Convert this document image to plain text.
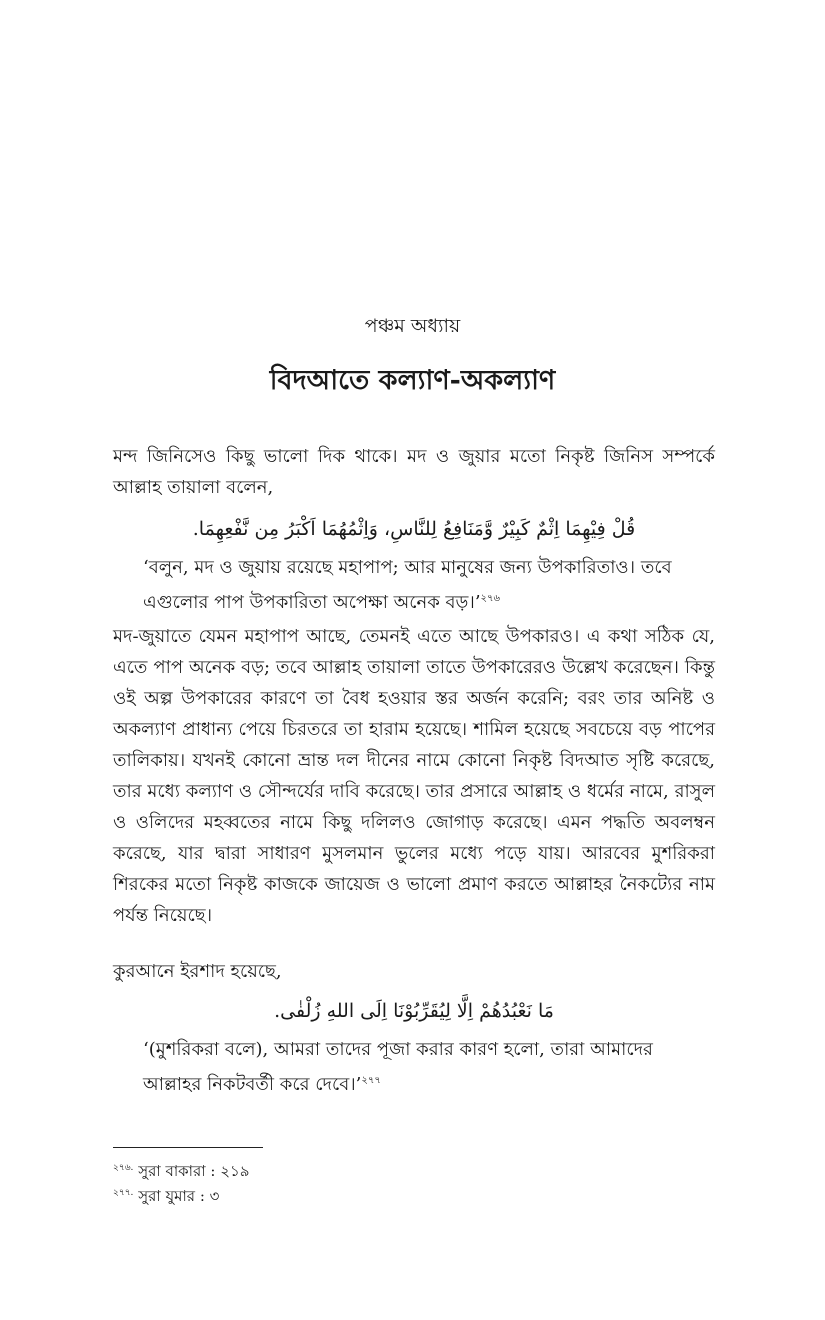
পঞ্চম অধ্যায়
বিদআতে কল্যাণ-অকল্যাণ

মন্দ জিনিসেও কিছু ভালো দিক থাকে। মদ ও জুয়ার মতো নিকৃষ্ট জিনিস সম্পর্কে আল্লাহ তায়ালা বলেন,

قُلْ فِيْهِمَا اِثْمٌ كَبِيْرٌ وَّمَنَافِعُ لِلنَّاسِ، وَاِثْمُهُمَا اَكْبَرُ مِن نَّفْعِهِمَا.

‘বলুন, মদ ও জুয়ায় রয়েছে মহাপাপ; আর মানুষের জন্য উপকারিতাও। তবে এগুলোর পাপ উপকারিতা অপেক্ষা অনেক বড়।’$^{২৭৬}$

মদ-জুয়াতে যেমন মহাপাপ আছে, তেমনই এতে আছে উপকারও। এ কথা সঠিক যে, এতে পাপ অনেক বড়; তবে আল্লাহ তায়ালা তাতে উপকারেরও উল্লেখ করেছেন। কিন্তু ওই অল্প উপকারের কারণে তা বৈধ হওয়ার স্তর অর্জন করেনি; বরং তার অনিষ্ট ও অকল্যাণ প্রাধান্য পেয়ে চিরতরে তা হারাম হয়েছে। শামিল হয়েছে সবচেয়ে বড় পাপের তালিকায়। যখনই কোনো ভ্রান্ত দল দীনের নামে কোনো নিকৃষ্ট বিদআত সৃষ্টি করেছে, তার মধ্যে কল্যাণ ও সৌন্দর্যের দাবি করেছে। তার প্রসারে আল্লাহ ও ধর্মের নামে, রাসুল ও ওলিদের মহব্বতের নামে কিছু দলিলও জোগাড় করেছে। এমন পদ্ধতি অবলম্বন করেছে, যার দ্বারা সাধারণ মুসলমান ভুলের মধ্যে পড়ে যায়। আরবের মুশরিকরা শিরকের মতো নিকৃষ্ট কাজকে জায়েজ ও ভালো প্রমাণ করতে আল্লাহর নৈকট্যের নাম পর্যন্ত নিয়েছে।

কুরআনে ইরশাদ হয়েছে,

مَا نَعْبُدُهُمْ اِلَّا لِيُقَرِّبُوْنَا اِلَى اللهِ زُلْفٰى.

‘(মুশরিকরা বলে), আমরা তাদের পূজা করার কারণ হলো, তারা আমাদের আল্লাহর নিকটবর্তী করে দেবে।’$^{২৭৭}$

$^{২৭৬.}$ সুরা বাকারা : ২১৯
$^{২৭৭.}$ সুরা যুমার : ৩
